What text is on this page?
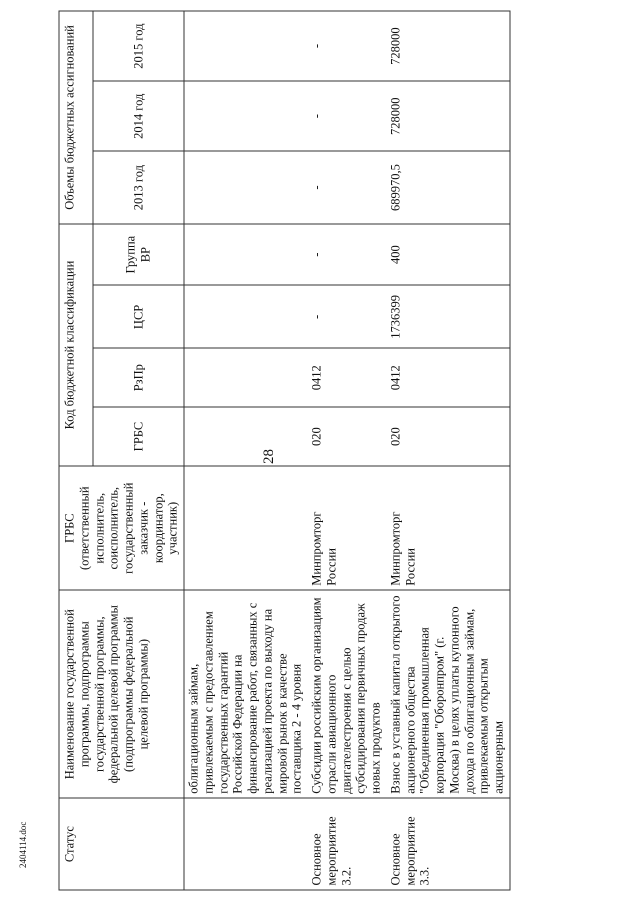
28
2404114.doc	Статус	Наименование государственной программы, подпрограммы государственной программы, федеральной целевой программы (подпрограммы федеральной целевой программы)	ГРБС (ответственный исполнитель, соисполнитель, государственный заказчик - координатор, участник)	Код бюджетной классификации				Объемы бюджетных ассигнований		
			ГРБС	РзПр	ЦСР	Группа ВР	2013 год	2014 год	2015 год
	облигационным займам, привлекаемым с предоставлением государственных гарантий Российской Федерации на финансирование работ, связанных с реализацией проекта по выходу на мировой рынок в качестве поставщика 2 - 4 уровня								
Основное мероприятие 3.2.	Субсидии российским организациям отрасли авиационного двигателестроения с целью субсидирования первичных продаж новых продуктов	Минпромторг России	020	0412	-	-	-	-	-
Основное мероприятие 3.3.	Взнос в уставный капитал открытого акционерного общества "Объединенная промышленная корпорация "Оборонпром" (г. Москва) в целях уплаты купонного дохода по облигационным займам, привлекаемым открытым акционерным	Минпромторг России	020	0412	1736399	400	689970,5	728000	728000
